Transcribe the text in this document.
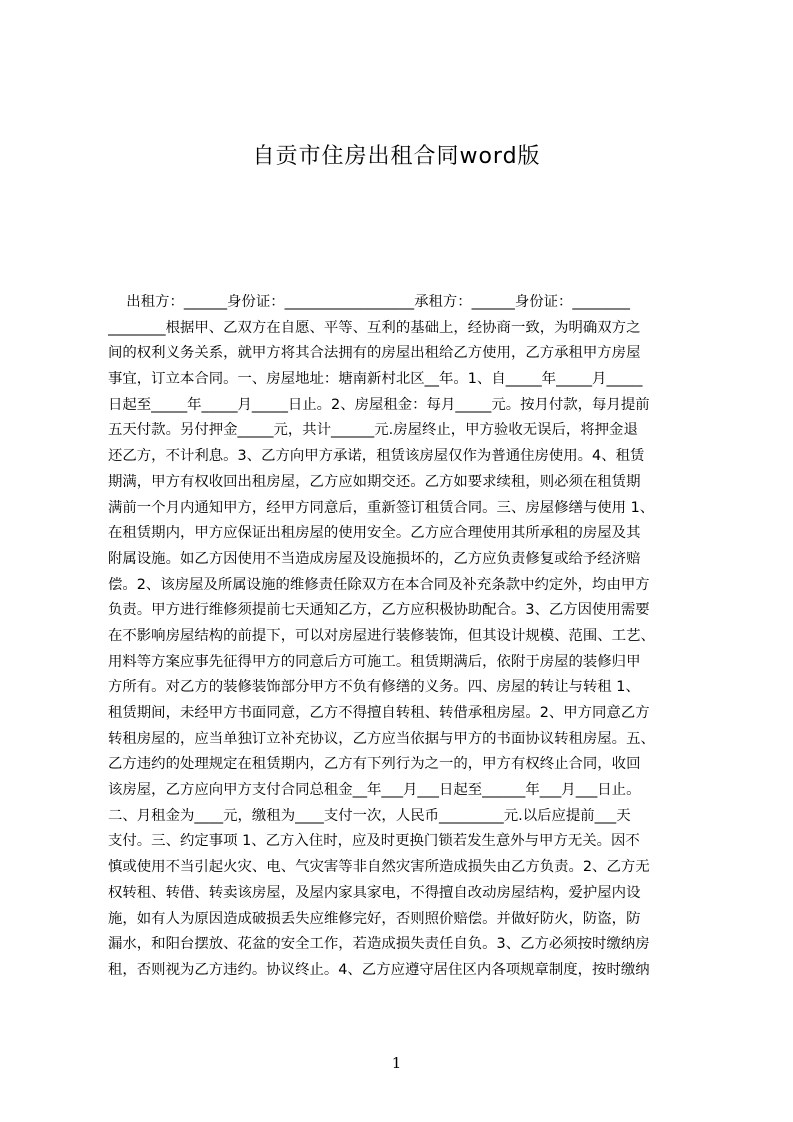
自贡市住房出租合同word版
出租方：______身份证：__________________承租方：______身份证：________
________根据甲、乙双方在自愿、平等、互利的基础上，经协商一致，为明确双方之
间的权利义务关系，就甲方将其合法拥有的房屋出租给乙方使用，乙方承租甲方房屋
事宜，订立本合同。一、房屋地址：塘南新村北区__年。1、自_____年_____月_____
日起至_____年_____月_____日止。2、房屋租金：每月_____元。按月付款，每月提前
五天付款。另付押金_____元，共计______元.房屋终止，甲方验收无误后，将押金退
还乙方，不计利息。3、乙方向甲方承诺，租赁该房屋仅作为普通住房使用。4、租赁
期满，甲方有权收回出租房屋，乙方应如期交还。乙方如要求续租，则必须在租赁期
满前一个月内通知甲方，经甲方同意后，重新签订租赁合同。三、房屋修缮与使用 1、
在租赁期内，甲方应保证出租房屋的使用安全。乙方应合理使用其所承租的房屋及其
附属设施。如乙方因使用不当造成房屋及设施损坏的，乙方应负责修复或给予经济赔
偿。2、该房屋及所属设施的维修责任除双方在本合同及补充条款中约定外，均由甲方
负责。甲方进行维修须提前七天通知乙方，乙方应积极协助配合。3、乙方因使用需要
在不影响房屋结构的前提下，可以对房屋进行装修装饰，但其设计规模、范围、工艺、
用料等方案应事先征得甲方的同意后方可施工。租赁期满后，依附于房屋的装修归甲
方所有。对乙方的装修装饰部分甲方不负有修缮的义务。四、房屋的转让与转租 1、
租赁期间，未经甲方书面同意，乙方不得擅自转租、转借承租房屋。2、甲方同意乙方
转租房屋的，应当单独订立补充协议，乙方应当依据与甲方的书面协议转租房屋。五、
乙方违约的处理规定在租赁期内，乙方有下列行为之一的，甲方有权终止合同，收回
该房屋，乙方应向甲方支付合同总租金__年___月___日起至______年___月___日止。
二、月租金为____元，缴租为____支付一次，人民币_________元.以后应提前___天
支付。三、约定事项 1、乙方入住时，应及时更换门锁若发生意外与甲方无关。因不
慎或使用不当引起火灾、电、气灾害等非自然灾害所造成损失由乙方负责。2、乙方无
权转租、转借、转卖该房屋，及屋内家具家电，不得擅自改动房屋结构，爱护屋内设
施，如有人为原因造成破损丢失应维修完好，否则照价赔偿。并做好防火，防盗，防
漏水，和阳台摆放、花盆的安全工作，若造成损失责任自负。3、乙方必须按时缴纳房
租，否则视为乙方违约。协议终止。4、乙方应遵守居住区内各项规章制度，按时缴纳
1
